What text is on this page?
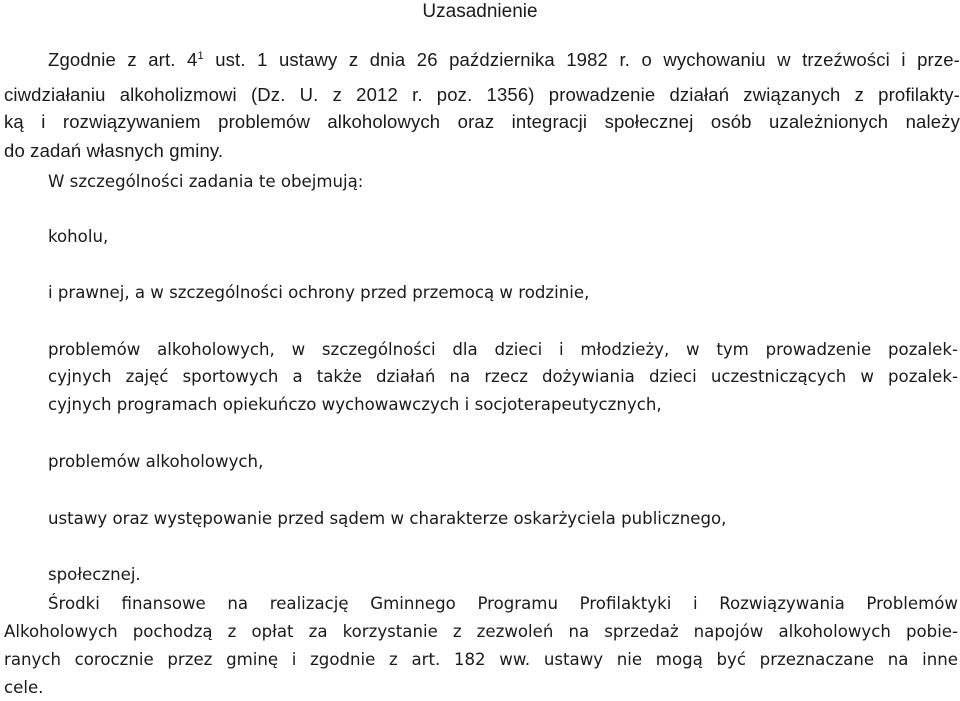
Uzasadnienie
Zgodnie z art. $4^1$ ust. 1 ustawy z dnia 26 października 1982 r. o wychowaniu w trzeźwości i prze-
ciwdziałaniu alkoholizmowi (Dz. U. z 2012 r. poz. 1356) prowadzenie działań związanych z profilakty-
ką i rozwiązywaniem problemów alkoholowych oraz integracji społecznej osób uzależnionych należy
do zadań własnych gminy.
W szczególności zadania te obejmują:
koholu,
i prawnej, a w szczególności ochrony przed przemocą w rodzinie,
problemów alkoholowych, w szczególności dla dzieci i młodzieży, w tym prowadzenie pozalek-
cyjnych zajęć sportowych a także działań na rzecz dożywiania dzieci uczestniczących w pozalek-
cyjnych programach opiekuńczo wychowawczych i socjoterapeutycznych,
problemów alkoholowych,
ustawy oraz występowanie przed sądem w charakterze oskarżyciela publicznego,
społecznej.
Środki finansowe na realizację Gminnego Programu Profilaktyki i Rozwiązywania Problemów
Alkoholowych pochodzą z opłat za korzystanie z zezwoleń na sprzedaż napojów alkoholowych pobie-
ranych corocznie przez gminę i zgodnie z art. 182 ww. ustawy nie mogą być przeznaczane na inne
cele.
